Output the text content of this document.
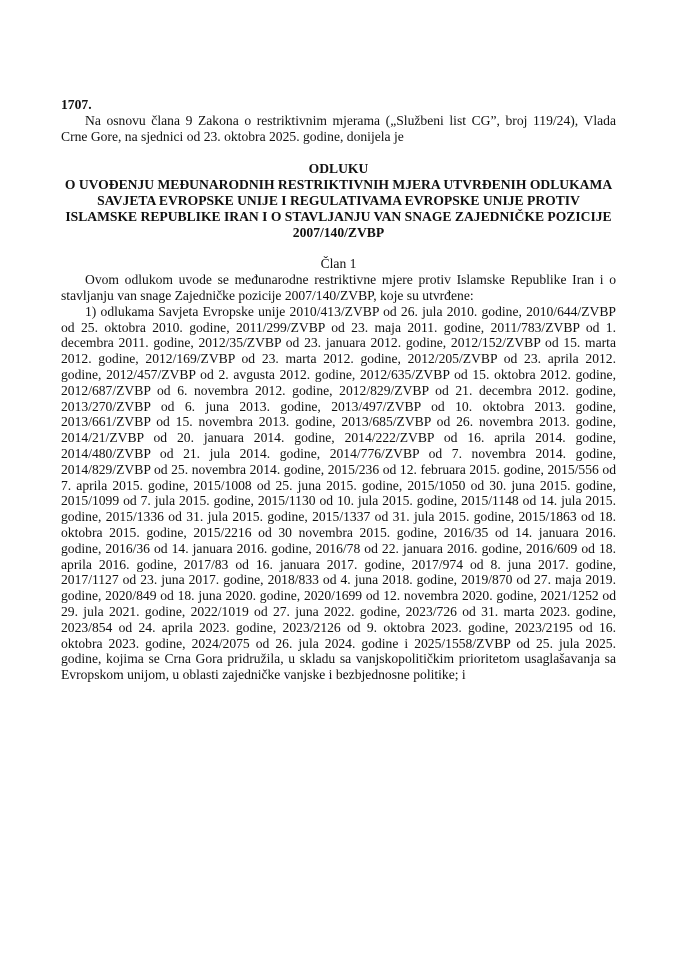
1707.

Na osnovu člana 9 Zakona o restriktivnim mjerama („Službeni list CG”, broj 119/24), Vlada Crne Gore, na sjednici od 23. oktobra 2025. godine, donijela je

ODLUKU
O UVOĐENJU MEĐUNARODNIH RESTRIKTIVNIH MJERA UTVRĐENIH ODLUKAMA SAVJETA EVROPSKE UNIJE I REGULATIVAMA EVROPSKE UNIJE PROTIV ISLAMSKE REPUBLIKE IRAN I O STAVLJANJU VAN SNAGE ZAJEDNIČKE POZICIJE 2007/140/ZVBP
Član 1

Ovom odlukom uvode se međunarodne restriktivne mjere protiv Islamske Republike Iran i o stavljanju van snage Zajedničke pozicije 2007/140/ZVBP, koje su utvrđene:

1) odlukama Savjeta Evropske unije 2010/413/ZVBP od 26. jula 2010. godine, 2010/644/ZVBP od 25. oktobra 2010. godine, 2011/299/ZVBP od 23. maja 2011. godine, 2011/783/ZVBP od 1. decembra 2011. godine, 2012/35/ZVBP od 23. januara 2012. godine, 2012/152/ZVBP od 15. marta 2012. godine, 2012/169/ZVBP od 23. marta 2012. godine, 2012/205/ZVBP od 23. aprila 2012. godine, 2012/457/ZVBP od 2. avgusta 2012. godine, 2012/635/ZVBP od 15. oktobra 2012. godine, 2012/687/ZVBP od 6. novembra 2012. godine, 2012/829/ZVBP od 21. decembra 2012. godine, 2013/270/ZVBP od 6. juna 2013. godine, 2013/497/ZVBP od 10. oktobra 2013. godine, 2013/661/ZVBP od 15. novembra 2013. godine, 2013/685/ZVBP od 26. novembra 2013. godine, 2014/21/ZVBP od 20. januara 2014. godine, 2014/222/ZVBP od 16. aprila 2014. godine, 2014/480/ZVBP od 21. jula 2014. godine, 2014/776/ZVBP od 7. novembra 2014. godine, 2014/829/ZVBP od 25. novembra 2014. godine, 2015/236 od 12. februara 2015. godine, 2015/556 od 7. aprila 2015. godine, 2015/1008 od 25. juna 2015. godine, 2015/1050 od 30. juna 2015. godine, 2015/1099 od 7. jula 2015. godine, 2015/1130 od 10. jula 2015. godine, 2015/1148 od 14. jula 2015. godine, 2015/1336 od 31. jula 2015. godine, 2015/1337 od 31. jula 2015. godine, 2015/1863 od 18. oktobra 2015. godine, 2015/2216 od 30 novembra 2015. godine, 2016/35 od 14. januara 2016. godine, 2016/36 od 14. januara 2016. godine, 2016/78 od 22. januara 2016. godine, 2016/609 od 18. aprila 2016. godine, 2017/83 od 16. januara 2017. godine, 2017/974 od 8. juna 2017. godine, 2017/1127 od 23. juna 2017. godine, 2018/833 od 4. juna 2018. godine, 2019/870 od 27. maja 2019. godine, 2020/849 od 18. juna 2020. godine, 2020/1699 od 12. novembra 2020. godine, 2021/1252 od 29. jula 2021. godine, 2022/1019 od 27. juna 2022. godine, 2023/726 od 31. marta 2023. godine, 2023/854 od 24. aprila 2023. godine, 2023/2126 od 9. oktobra 2023. godine, 2023/2195 od 16. oktobra 2023. godine, 2024/2075 od 26. jula 2024. godine i 2025/1558/ZVBP od 25. jula 2025. godine, kojima se Crna Gora pridružila, u skladu sa vanjskopolitičkim prioritetom usaglašavanja sa Evropskom unijom, u oblasti zajedničke vanjske i bezbjednosne politike; i
